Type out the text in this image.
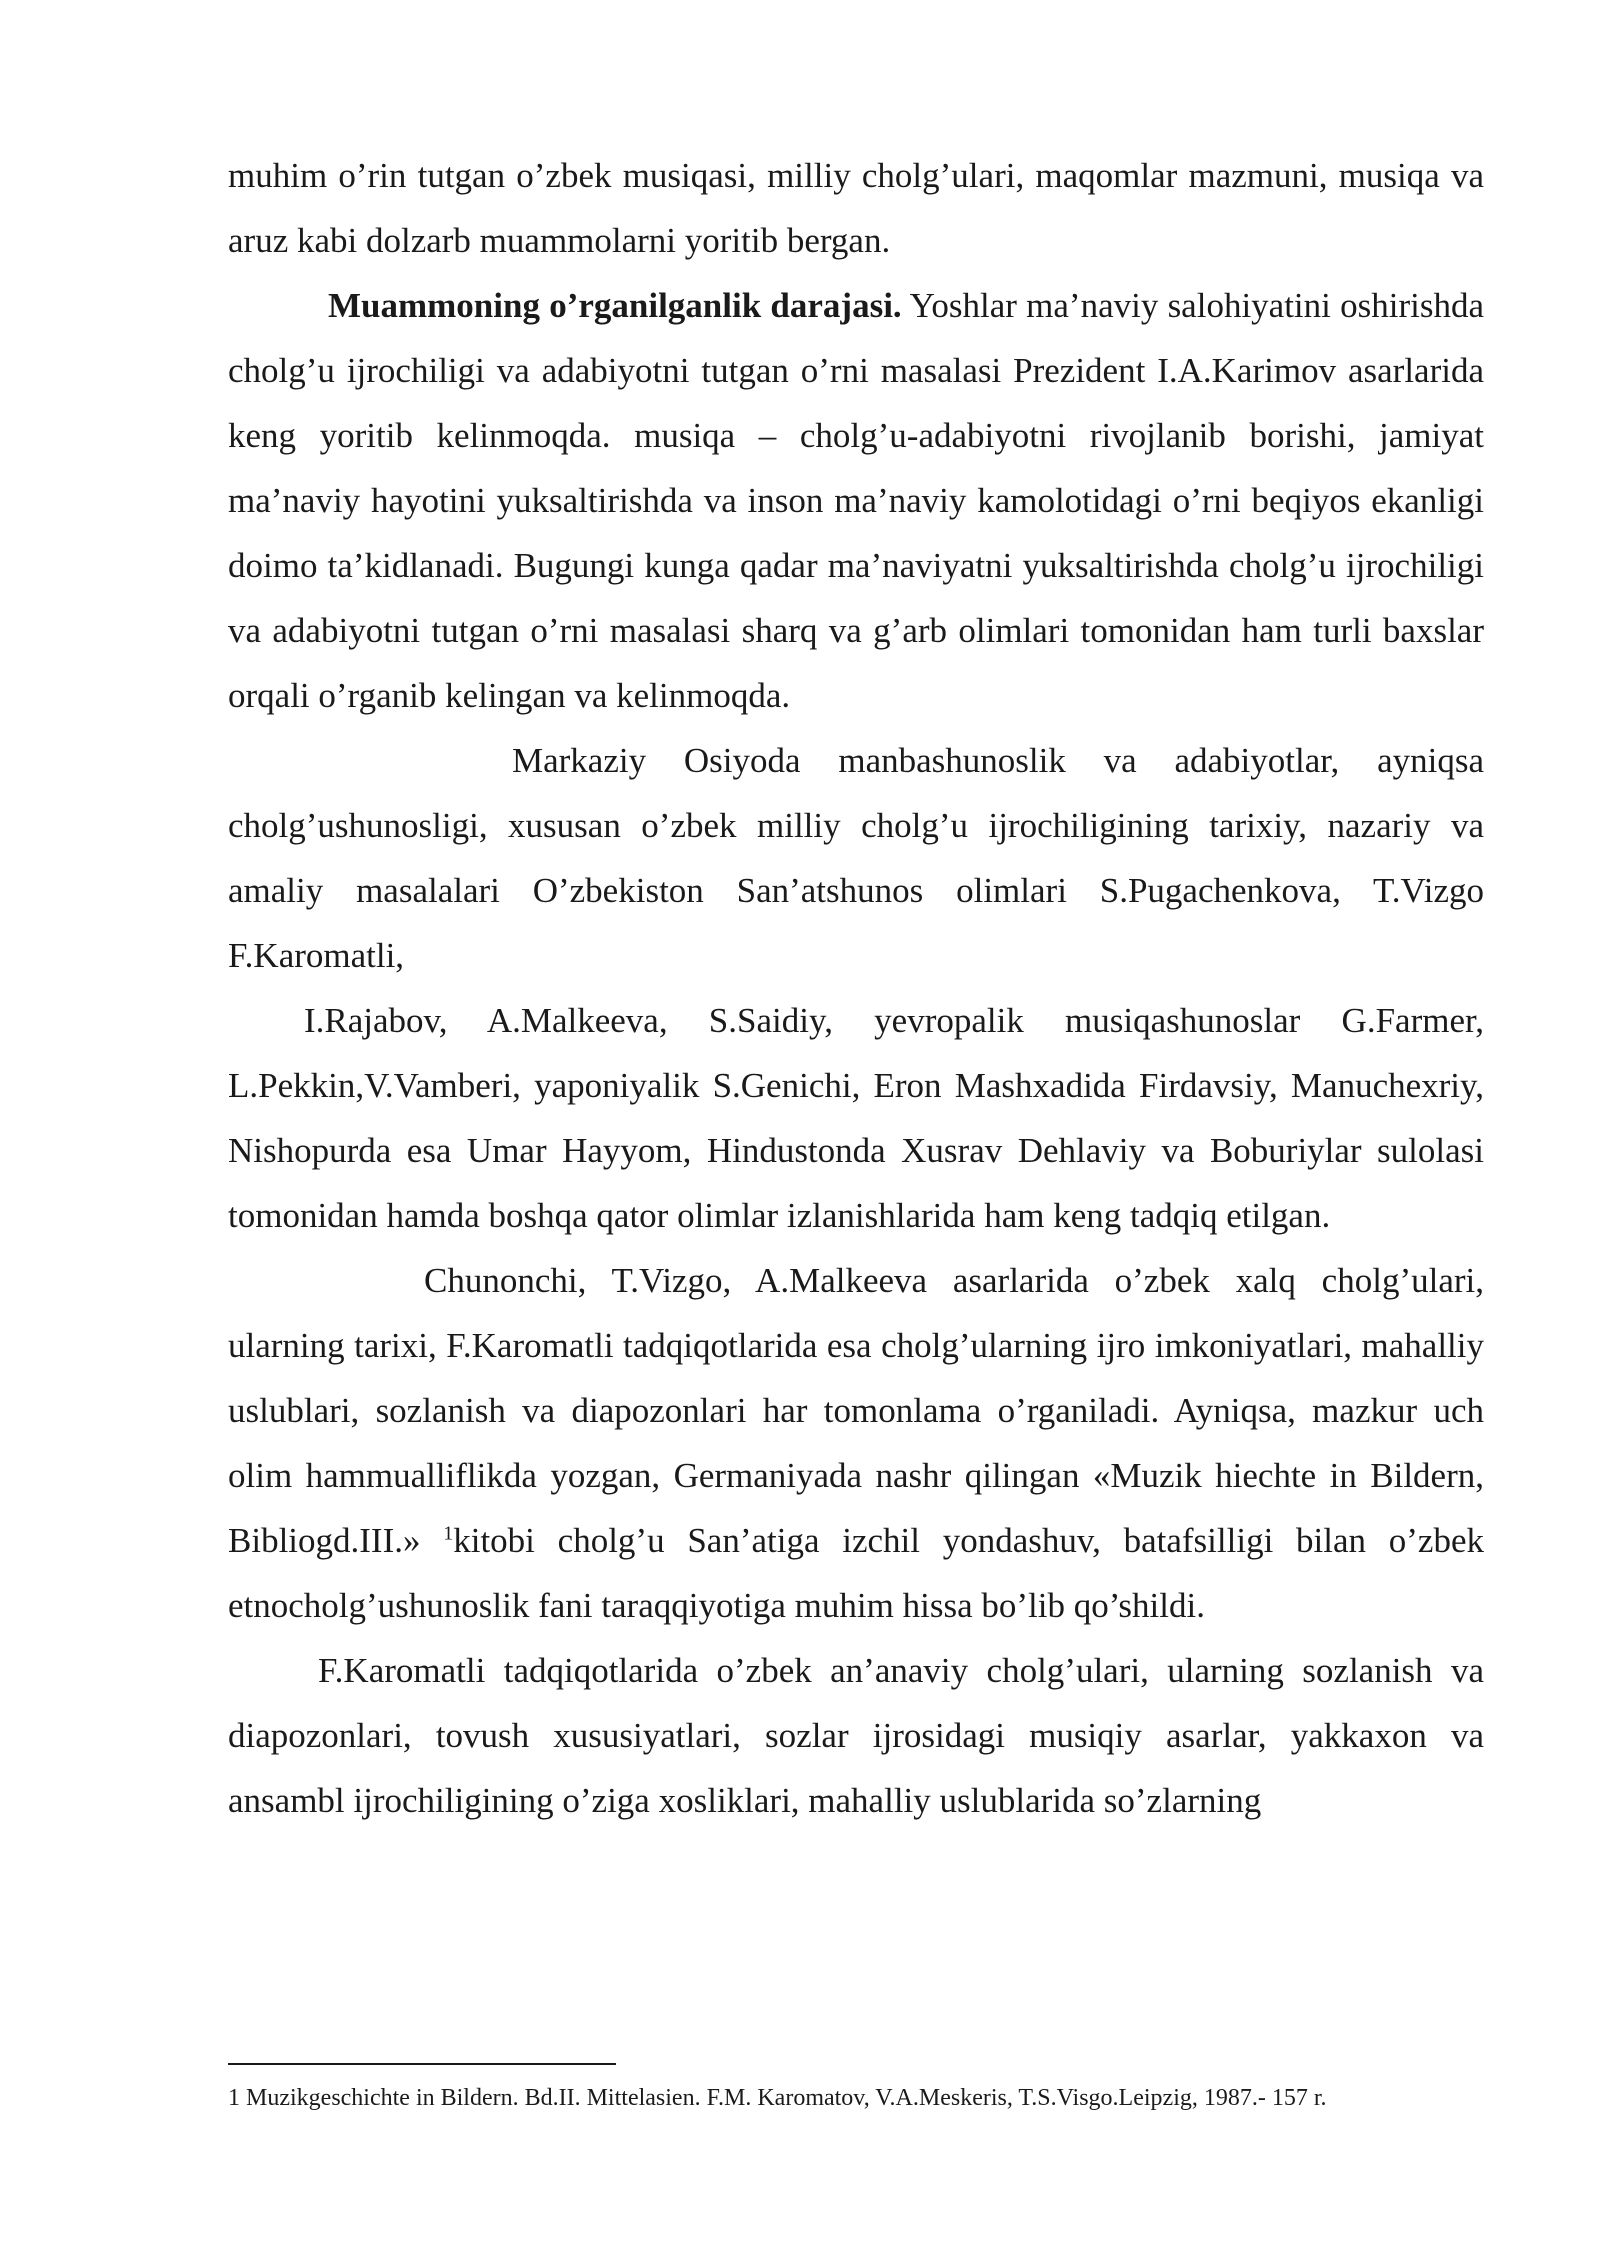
muhim o’rin tutgan o’zbek musiqasi, milliy cholg’ulari, maqomlar mazmuni, musiqa va aruz kabi dolzarb muammolarni yoritib bergan.

Muammoning o’rganilganlik darajasi. Yoshlar ma’naviy salohiyatini oshirishda cholg’u ijrochiligi va adabiyotni tutgan o’rni masalasi Prezident I.A.Karimov asarlarida keng yoritib kelinmoqda. musiqa – cholg’u-adabiyotni rivojlanib borishi, jamiyat ma’naviy hayotini yuksaltirishda va inson ma’naviy kamolotidagi o’rni beqiyos ekanligi doimo ta’kidlanadi. Bugungi kunga qadar ma’naviyatni yuksaltirishda cholg’u ijrochiligi va adabiyotni tutgan o’rni masalasi sharq va g’arb olimlari tomonidan ham turli baxslar orqali o’rganib kelingan va kelinmoqda.

Markaziy Osiyoda manbashunoslik va adabiyotlar, ayniqsa cholg’ushunosligi, xususan o’zbek milliy cholg’u ijrochiligining tarixiy, nazariy va amaliy masalalari O’zbekiston San’atshunos olimlari S.Pugachenkova, T.Vizgo F.Karomatli,

I.Rajabov, A.Malkeeva, S.Saidiy, yevropalik musiqashunoslar G.Farmer, L.Pekkin,V.Vamberi, yaponiyalik S.Genichi, Eron Mashxadida Firdavsiy, Manuchexriy, Nishopurda esa Umar Hayyom, Hindustonda Xusrav Dehlaviy va Boburiylar sulolasi tomonidan hamda boshqa qator olimlar izlanishlarida ham keng tadqiq etilgan.

Chunonchi, T.Vizgo, A.Malkeeva asarlarida o’zbek xalq cholg’ulari, ularning tarixi, F.Karomatli tadqiqotlarida esa cholg’ularning ijro imkoniyatlari, mahalliy uslublari, sozlanish va diapozonlari har tomonlama o’rganiladi. Ayniqsa, mazkur uch olim hammualliflikda yozgan, Germaniyada nashr qilingan «Muzik hiechte in Bildern, Bibliogd.III.» $^1$kitobi cholg’u San’atiga izchil yondashuv, batafsilligi bilan o’zbek etnocholg’ushunoslik fani taraqqiyotiga muhim hissa bo’lib qo’shildi.

F.Karomatli tadqiqotlarida o’zbek an’anaviy cholg’ulari, ularning sozlanish va diapozonlari, tovush xususiyatlari, sozlar ijrosidagi musiqiy asarlar, yakkaxon va ansambl ijrochiligining o’ziga xosliklari, mahalliy uslublarida so’zlarning

1 Muzikgeschichte in Bildern. Bd.II. Mittelasien. F.M. Karomatov, V.A.Meskeris, T.S.Visgo.Leipzig, 1987.- 157 r.
